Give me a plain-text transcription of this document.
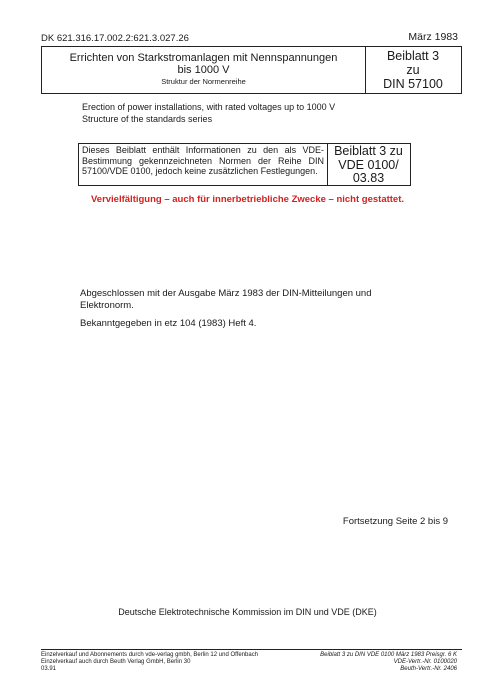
DK 621.316.17.002.2:621.3.027.26	März 1983
Errichten von Starkstromanlagen mit Nennspannungen
bis 1000 V
Struktur der Normenreihe
Beiblatt 3
zu
DIN 57100
Erection of power installations, with rated voltages up to 1000 V
Structure of the standards series
Dieses Beiblatt enthält Informationen zu den als VDE-Bestimmung gekennzeichneten Normen der Reihe DIN 57100/VDE 0100, jedoch keine zusätzlichen Festlegungen.
Beiblatt 3 zu
VDE 0100/
03.83
Vervielfältigung – auch für innerbetriebliche Zwecke – nicht gestattet.
Abgeschlossen mit der Ausgabe März 1983 der DIN-Mitteilungen und Elektronorm.
Bekanntgegeben in etz 104 (1983) Heft 4.
Fortsetzung Seite 2 bis 9
Deutsche Elektrotechnische Kommission im DIN und VDE (DKE)
Einzelverkauf und Abonnements durch vde-verlag gmbh, Berlin 12 und Offenbach
Einzelverkauf auch durch Beuth Verlag GmbH, Berlin 30
03.91
Beiblatt 3 zu DIN VDE 0100 März 1983 Preisgr. 6 K
VDE-Vertr.-Nr. 0100020
Beuth-Vertr.-Nr. 2406
